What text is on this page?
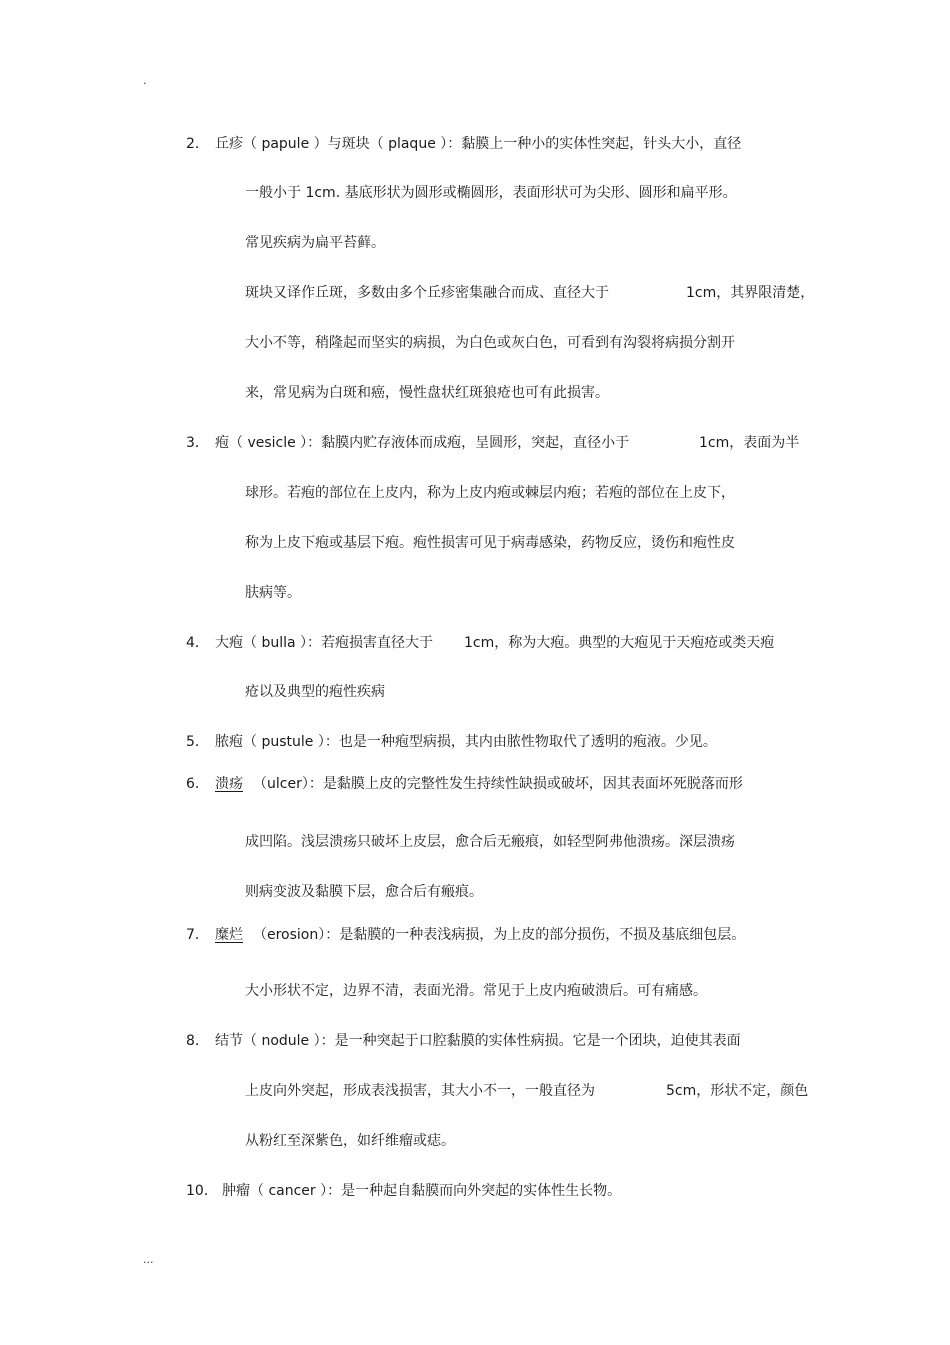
.
2． 丘疹（ papule ）与斑块（ plaque ）：黏膜上一种小的实体性突起，针头大小，直径
一般小于 1cm. 基底形状为圆形或椭圆形，表面形状可为尖形、圆形和扁平形。
常见疾病为扁平苔藓。
斑块又译作丘斑，多数由多个丘疹密集融合而成、直径大于	1cm，其界限清楚，
大小不等，稍隆起而坚实的病损，为白色或灰白色，可看到有沟裂将病损分割开
来，常见病为白斑和癌，慢性盘状红斑狼疮也可有此损害。
3． 疱（ vesicle ）：黏膜内贮存液体而成疱，呈圆形，突起，直径小于	1cm，表面为半
球形。若疱的部位在上皮内，称为上皮内疱或棘层内疱；若疱的部位在上皮下，
称为上皮下疱或基层下疱。疱性损害可见于病毒感染，药物反应，烫伤和疱性皮
肤病等。
4． 大疱（ bulla ）：若疱损害直径大于 1cm，称为大疱。典型的大疱见于天疱疮或类天疱
疮以及典型的疱性疾病
5． 脓疱（ pustule ）：也是一种疱型病损，其内由脓性物取代了透明的疱液。少见。
6． 溃疡 （ulcer）：是黏膜上皮的完整性发生持续性缺损或破坏，因其表面坏死脱落而形
成凹陷。浅层溃疡只破坏上皮层，愈合后无瘢痕，如轻型阿弗他溃疡。深层溃疡
则病变波及黏膜下层，愈合后有瘢痕。
7． 糜烂 （erosion）：是黏膜的一种表浅病损，为上皮的部分损伤，不损及基底细包层。
大小形状不定，边界不清，表面光滑。常见于上皮内疱破溃后。可有痛感。
8． 结节（ nodule ）：是一种突起于口腔黏膜的实体性病损。它是一个团块，迫使其表面
上皮向外突起，形成表浅损害，其大小不一，一般直径为	5cm，形状不定，颜色
从粉红至深紫色，如纤维瘤或痣。
10． 肿瘤（ cancer ）：是一种起自黏膜而向外突起的实体性生长物。
...
